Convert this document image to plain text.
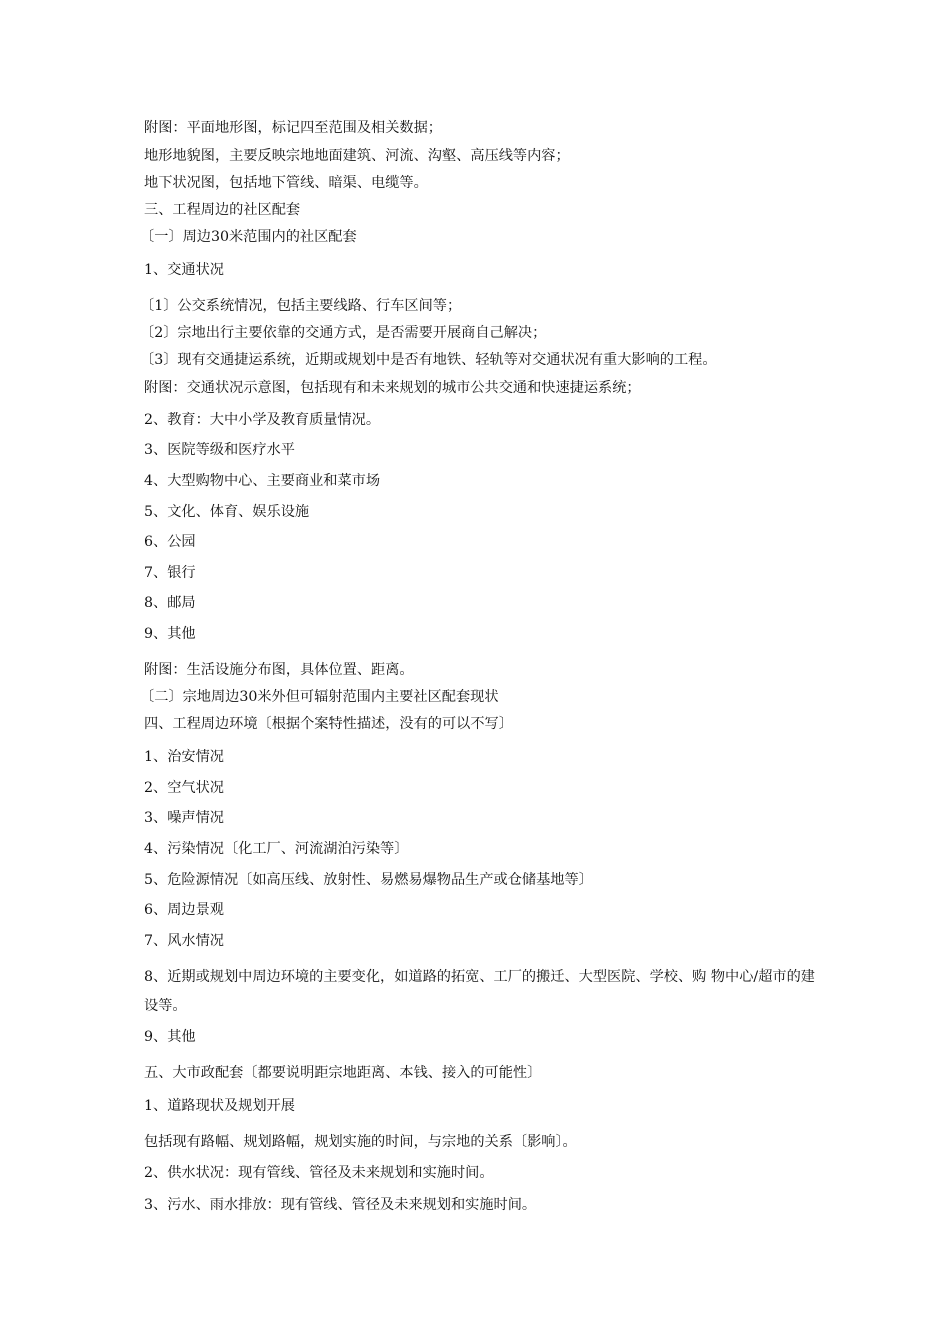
附图：平面地形图，标记四至范围及相关数据；
地形地貌图，主要反映宗地地面建筑、河流、沟壑、高压线等内容；
地下状况图，包括地下管线、暗渠、电缆等。
三、工程周边的社区配套
〔一〕周边30米范围内的社区配套
1、交通状况
〔1〕公交系统情况，包括主要线路、行车区间等；
〔2〕宗地出行主要依靠的交通方式，是否需要开展商自己解决；
〔3〕现有交通捷运系统，近期或规划中是否有地铁、轻轨等对交通状况有重大影响的工程。
附图：交通状况示意图，包括现有和未来规划的城市公共交通和快速捷运系统；
2、教育：大中小学及教育质量情况。
3、医院等级和医疗水平
4、大型购物中心、主要商业和菜市场
5、文化、体育、娱乐设施
6、公园
7、银行
8、邮局
9、其他
附图：生活设施分布图，具体位置、距离。
〔二〕宗地周边30米外但可辐射范围内主要社区配套现状
四、工程周边环境〔根据个案特性描述，没有的可以不写〕
1、治安情况
2、空气状况
3、噪声情况
4、污染情况〔化工厂、河流湖泊污染等〕
5、危险源情况〔如高压线、放射性、易燃易爆物品生产或仓储基地等〕
6、周边景观
7、风水情况
8、近期或规划中周边环境的主要变化，如道路的拓宽、工厂的搬迁、大型医院、学校、购 物中心/超市的建设等。
9、其他
五、大市政配套〔都要说明距宗地距离、本钱、接入的可能性〕
1、道路现状及规划开展
包括现有路幅、规划路幅，规划实施的时间，与宗地的关系〔影响〕。
2、供水状况：现有管线、管径及未来规划和实施时间。
3、污水、雨水排放：现有管线、管径及未来规划和实施时间。
